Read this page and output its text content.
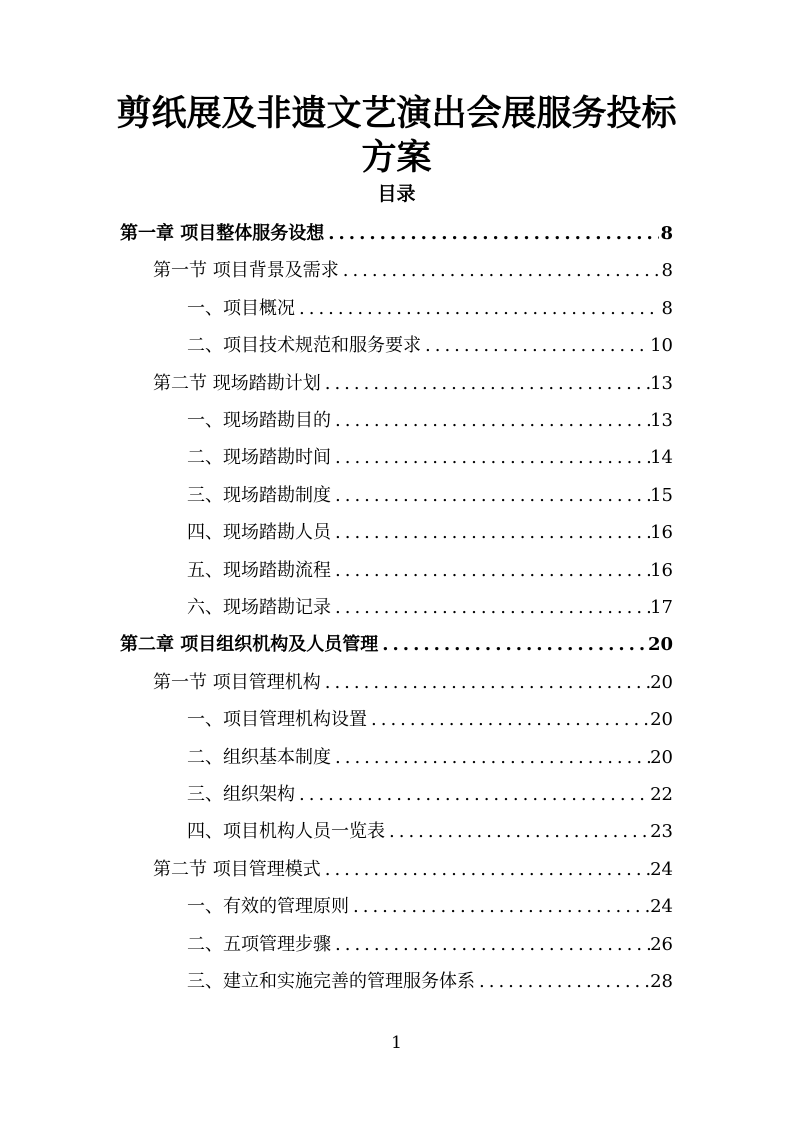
剪纸展及非遗文艺演出会展服务投标方案
目录
第一章 项目整体服务设想 .....	8
第一节 项目背景及需求 .....	8
一、项目概况 .....	8
二、项目技术规范和服务要求 .....	10
第二节 现场踏勘计划 .....	13
一、现场踏勘目的 .....	13
二、现场踏勘时间 .....	14
三、现场踏勘制度 .....	15
四、现场踏勘人员 .....	16
五、现场踏勘流程 .....	16
六、现场踏勘记录 .....	17
第二章 项目组织机构及人员管理 .....	20
第一节 项目管理机构 .....	20
一、项目管理机构设置 .....	20
二、组织基本制度 .....	20
三、组织架构 .....	22
四、项目机构人员一览表 .....	23
第二节 项目管理模式 .....	24
一、有效的管理原则 .....	24
二、五项管理步骤 .....	26
三、建立和实施完善的管理服务体系 .....	28
1
